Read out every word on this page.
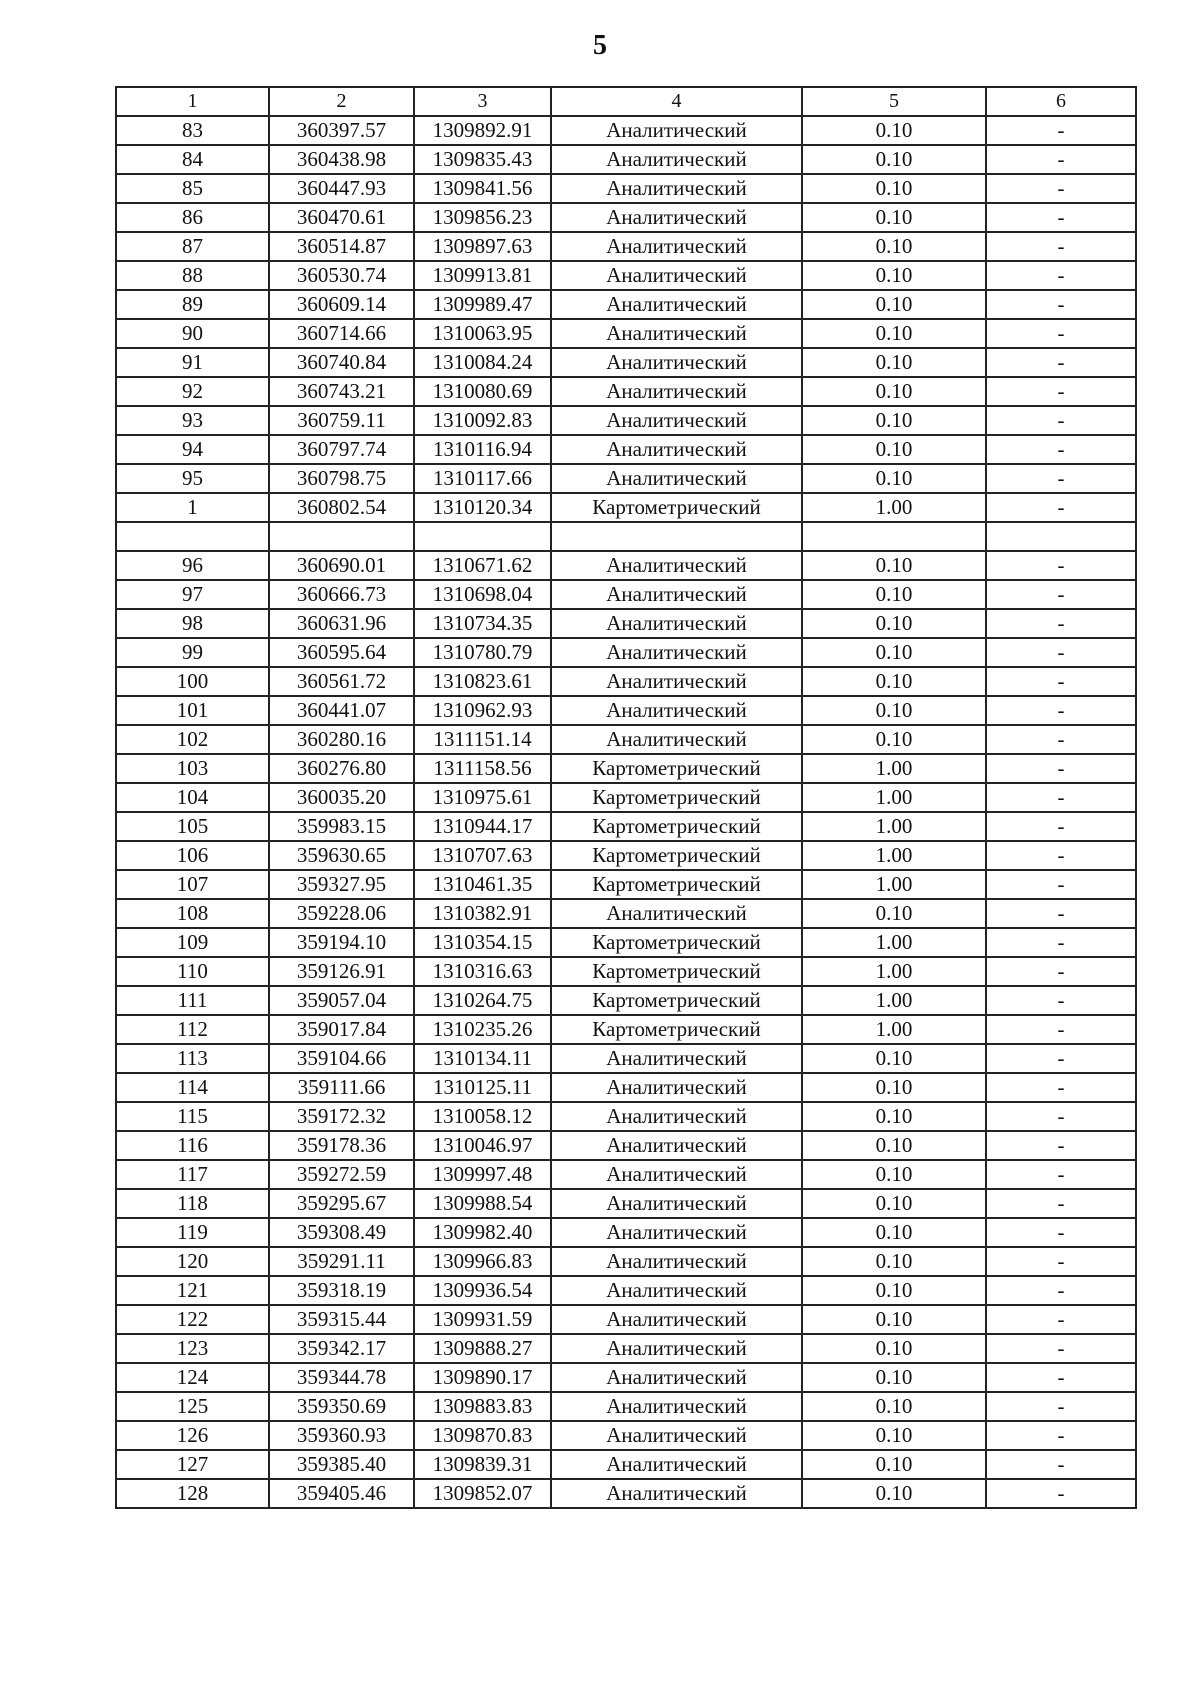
5
1	2	3	4	5	6
83	360397.57	1309892.91	Аналитический	0.10	-
84	360438.98	1309835.43	Аналитический	0.10	-
85	360447.93	1309841.56	Аналитический	0.10	-
86	360470.61	1309856.23	Аналитический	0.10	-
87	360514.87	1309897.63	Аналитический	0.10	-
88	360530.74	1309913.81	Аналитический	0.10	-
89	360609.14	1309989.47	Аналитический	0.10	-
90	360714.66	1310063.95	Аналитический	0.10	-
91	360740.84	1310084.24	Аналитический	0.10	-
92	360743.21	1310080.69	Аналитический	0.10	-
93	360759.11	1310092.83	Аналитический	0.10	-
94	360797.74	1310116.94	Аналитический	0.10	-
95	360798.75	1310117.66	Аналитический	0.10	-
1	360802.54	1310120.34	Картометрический	1.00	-

96	360690.01	1310671.62	Аналитический	0.10	-
97	360666.73	1310698.04	Аналитический	0.10	-
98	360631.96	1310734.35	Аналитический	0.10	-
99	360595.64	1310780.79	Аналитический	0.10	-
100	360561.72	1310823.61	Аналитический	0.10	-
101	360441.07	1310962.93	Аналитический	0.10	-
102	360280.16	1311151.14	Аналитический	0.10	-
103	360276.80	1311158.56	Картометрический	1.00	-
104	360035.20	1310975.61	Картометрический	1.00	-
105	359983.15	1310944.17	Картометрический	1.00	-
106	359630.65	1310707.63	Картометрический	1.00	-
107	359327.95	1310461.35	Картометрический	1.00	-
108	359228.06	1310382.91	Аналитический	0.10	-
109	359194.10	1310354.15	Картометрический	1.00	-
110	359126.91	1310316.63	Картометрический	1.00	-
111	359057.04	1310264.75	Картометрический	1.00	-
112	359017.84	1310235.26	Картометрический	1.00	-
113	359104.66	1310134.11	Аналитический	0.10	-
114	359111.66	1310125.11	Аналитический	0.10	-
115	359172.32	1310058.12	Аналитический	0.10	-
116	359178.36	1310046.97	Аналитический	0.10	-
117	359272.59	1309997.48	Аналитический	0.10	-
118	359295.67	1309988.54	Аналитический	0.10	-
119	359308.49	1309982.40	Аналитический	0.10	-
120	359291.11	1309966.83	Аналитический	0.10	-
121	359318.19	1309936.54	Аналитический	0.10	-
122	359315.44	1309931.59	Аналитический	0.10	-
123	359342.17	1309888.27	Аналитический	0.10	-
124	359344.78	1309890.17	Аналитический	0.10	-
125	359350.69	1309883.83	Аналитический	0.10	-
126	359360.93	1309870.83	Аналитический	0.10	-
127	359385.40	1309839.31	Аналитический	0.10	-
128	359405.46	1309852.07	Аналитический	0.10	-
